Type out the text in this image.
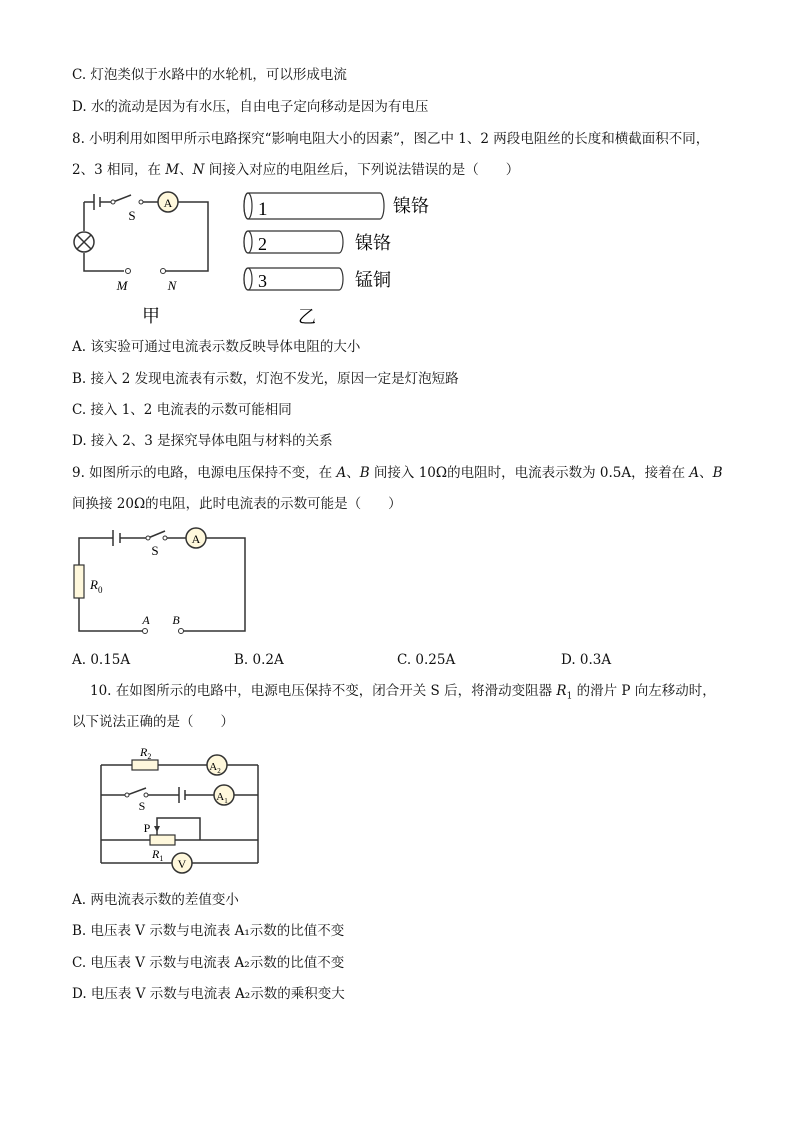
C. 灯泡类似于水路中的水轮机，可以形成电流
D. 水的流动是因为有水压，自由电子定向移动是因为有电压
8. 小明利用如图甲所示电路探究“影响电阻大小的因素”，图乙中 1、2 两段电阻丝的长度和横截面积不同，
2、3 相同，在 M、N 间接入对应的电阻丝后，下列说法错误的是（　　）
A
S
M	N
甲
1	镍铬
2	镍铬
3	锰铜
乙
A. 该实验可通过电流表示数反映导体电阻的大小
B. 接入 2 发现电流表有示数，灯泡不发光，原因一定是灯泡短路
C. 接入 1、2 电流表的示数可能相同
D. 接入 2、3 是探究导体电阻与材料的关系
9. 如图所示的电路，电源电压保持不变，在 A、B 间接入 10Ω的电阻时，电流表示数为 0.5A，接着在 A、B
间换接 20Ω的电阻，此时电流表的示数可能是（　　）
$R_0$
A
S
A B
A. 0.15A	B. 0.2A	C. 0.25A	D. 0.3A
10. 在如图所示的电路中，电源电压保持不变，闭合开关 S 后，将滑动变阻器 $R_1$ 的滑片 P 向左移动时，
以下说法正确的是（　　）
$R_2$
$A_2$
S
$A_1$
P
$R_1$ V
A. 两电流表示数的差值变小
B. 电压表 V 示数与电流表 A₁示数的比值不变
C. 电压表 V 示数与电流表 A₂示数的比值不变
D. 电压表 V 示数与电流表 A₂示数的乘积变大
